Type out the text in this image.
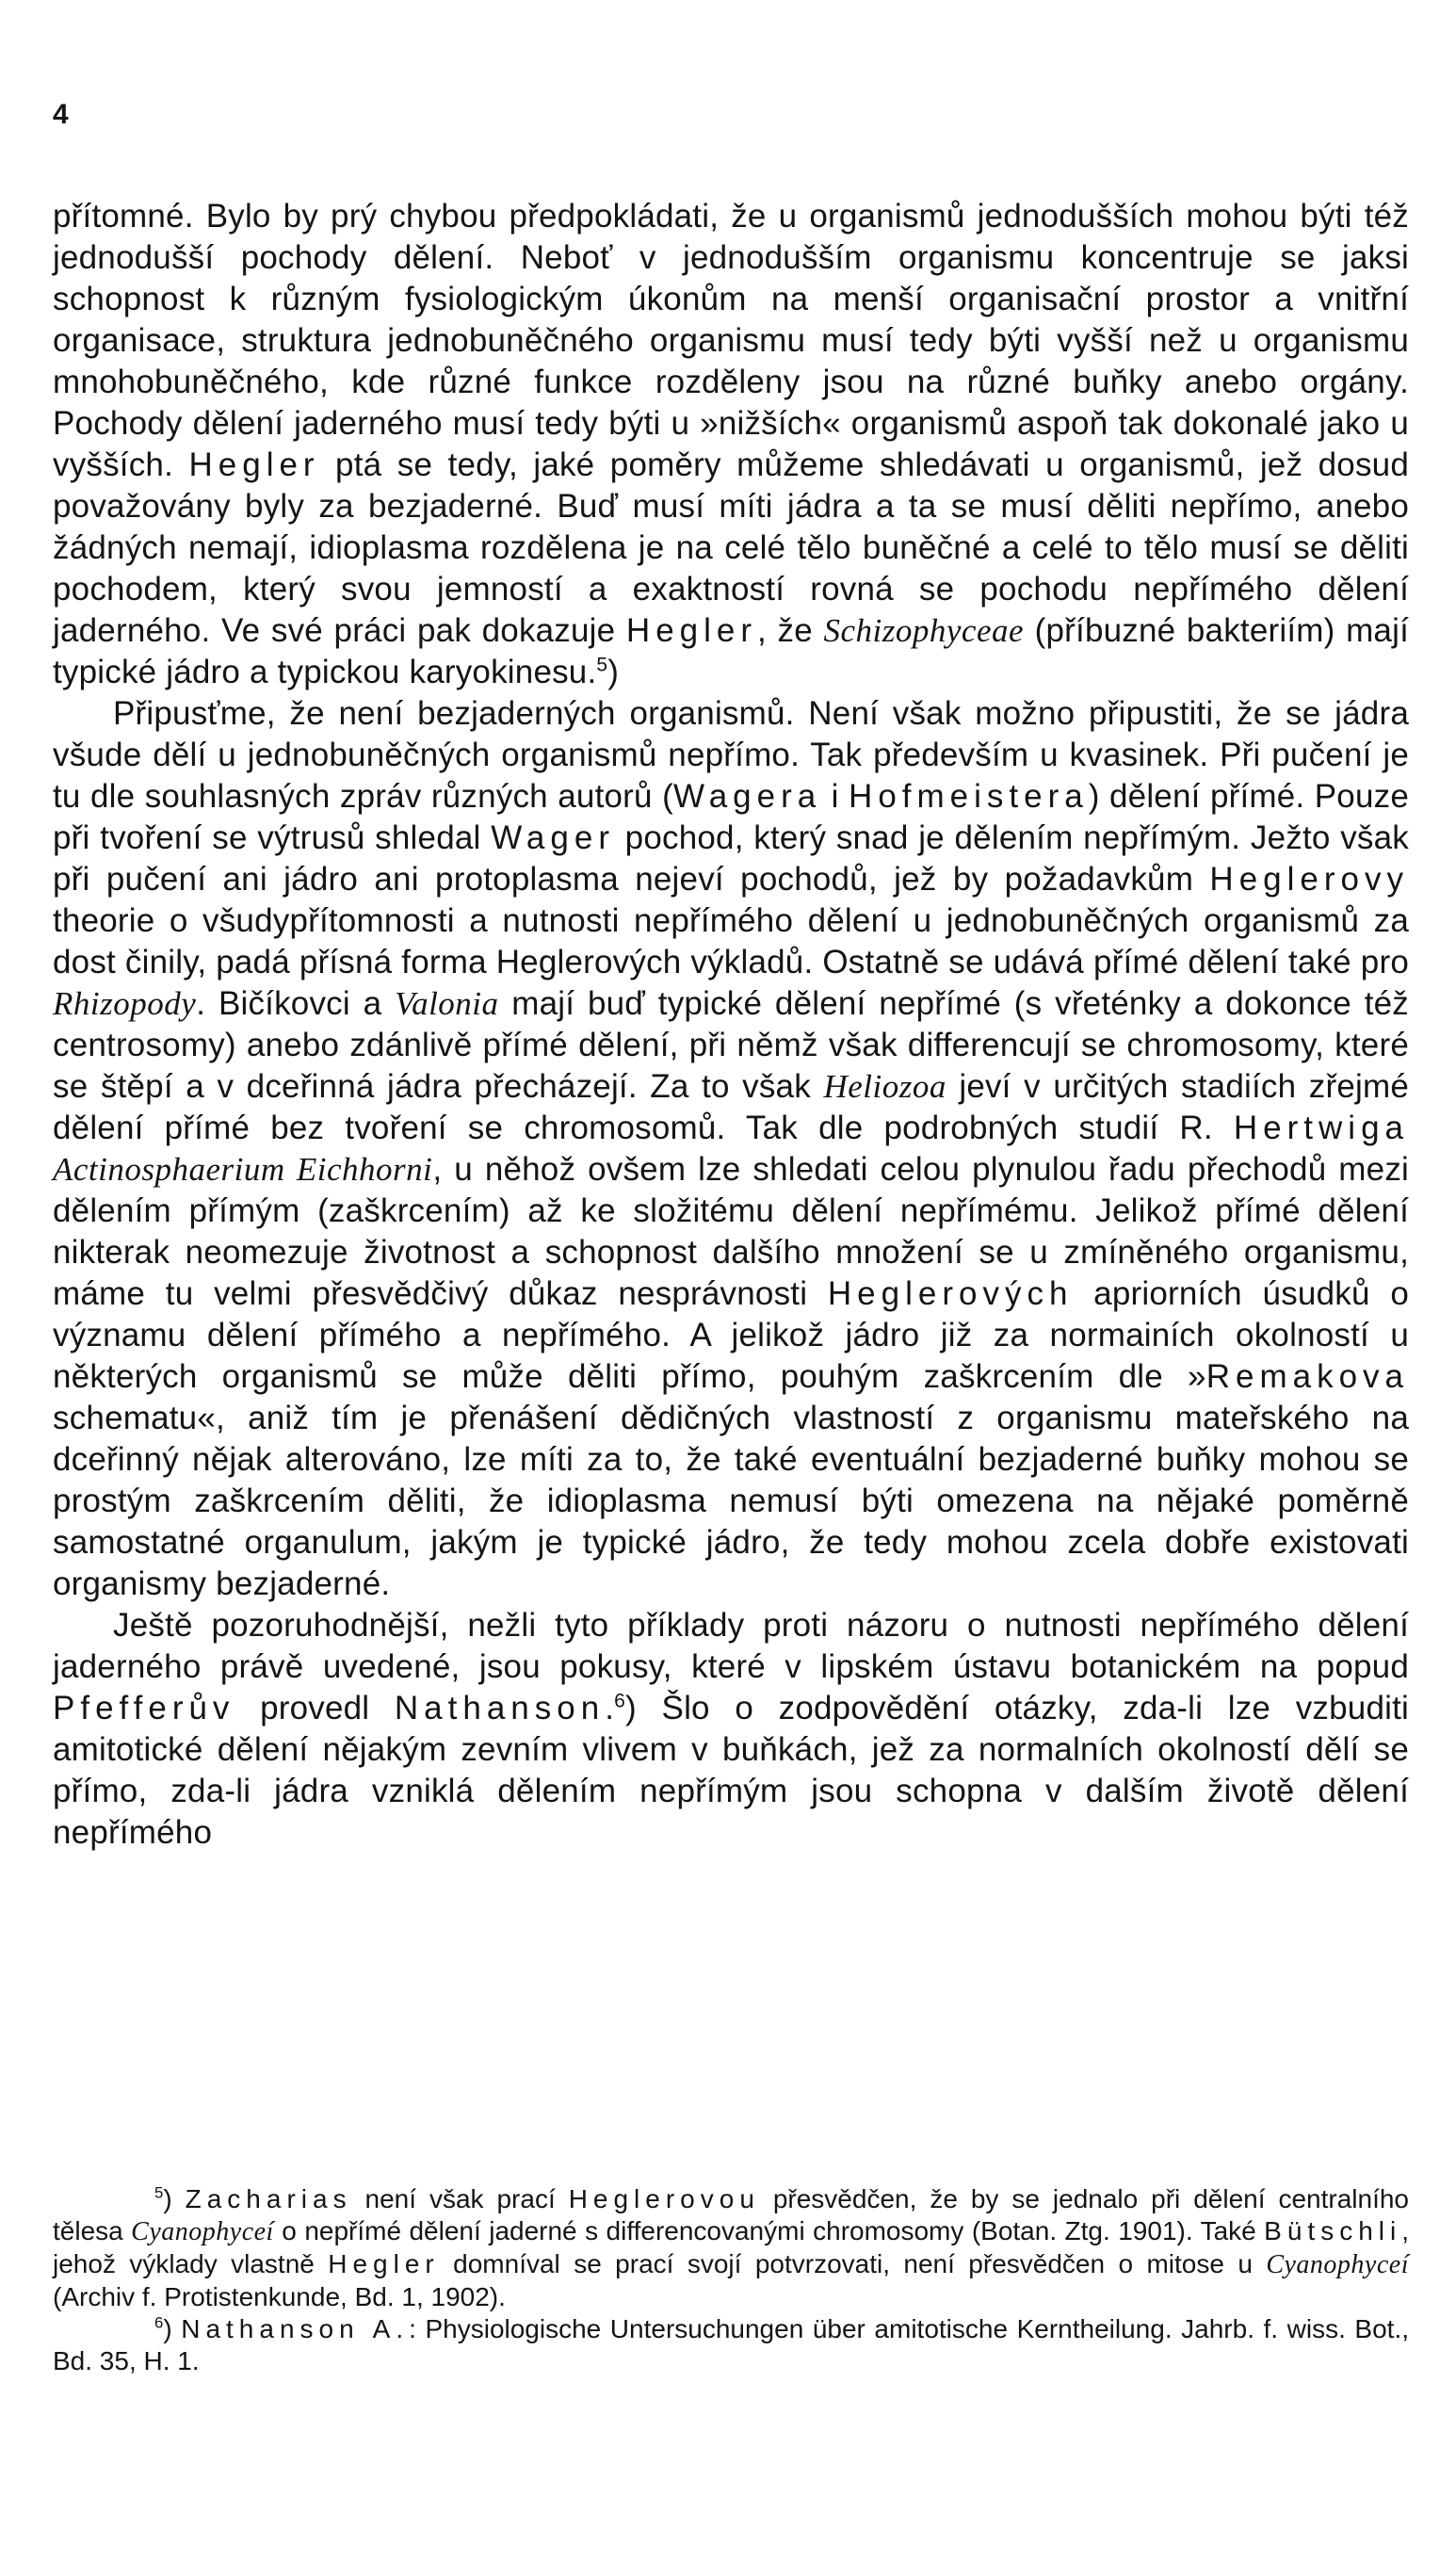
4

přítomné. Bylo by prý chybou předpokládati, že u organismů jednodušších mohou býti též jednodušší pochody dělení. Neboť v jednodušším organismu koncentruje se jaksi schopnost k různým fysiologickým úkonům na menší organisační prostor a vnitřní organisace, struktura jednobuněčného organismu musí tedy býti vyšší než u organismu mnohobuněčného, kde různé funkce rozděleny jsou na různé buňky anebo orgány. Pochody dělení jaderného musí tedy býti u »nižších« organismů aspoň tak dokonalé jako u vyšších. Hegler ptá se tedy, jaké poměry můžeme shledávati u organismů, jež dosud považovány byly za bezjaderné. Buď musí míti jádra a ta se musí děliti nepřímo, anebo žádných nemají, idioplasma rozdělena je na celé tělo buněčné a celé to tělo musí se děliti pochodem, který svou jemností a exaktností rovná se pochodu nepřímého dělení jaderného. Ve své práci pak dokazuje Hegler, že Schizophyceae (příbuzné bakteriím) mají typické jádro a typickou karyokinesu.$^5$)

Připusťme, že není bezjaderných organismů. Není však možno připustiti, že se jádra všude dělí u jednobuněčných organismů nepřímo. Tak především u kvasinek. Při pučení je tu dle souhlasných zpráv různých autorů (Wagera i Hofmeistera) dělení přímé. Pouze při tvoření se výtrusů shledal Wager pochod, který snad je dělením nepřímým. Ježto však při pučení ani jádro ani protoplasma nejeví pochodů, jež by požadavkům Heglerovy theorie o všudypřítomnosti a nutnosti nepřímého dělení u jednobuněčných organismů za dost činily, padá přísná forma Heglerových výkladů. Ostatně se udává přímé dělení také pro Rhizopody. Bičíkovci a Valonia mají buď typické dělení nepřímé (s vřeténky a dokonce též centrosomy) anebo zdánlivě přímé dělení, při němž však differencují se chromosomy, které se štěpí a v dceřinná jádra přecházejí. Za to však Heliozoa jeví v určitých stadiích zřejmé dělení přímé bez tvoření se chromosomů. Tak dle podrobných studií R. Hertwiga Actinosphaerium Eichhorni, u něhož ovšem lze shledati celou plynulou řadu přechodů mezi dělením přímým (zaškrcením) až ke složitému dělení nepřímému. Jelikož přímé dělení nikterak neomezuje životnost a schopnost dalšího množení se u zmíněného organismu, máme tu velmi přesvědčivý důkaz nesprávnosti Heglerových apriorních úsudků o významu dělení přímého a nepřímého. A jelikož jádro již za normainích okolností u některých organismů se může děliti přímo, pouhým zaškrcením dle »Remakova schematu«, aniž tím je přenášení dědičných vlastností z organismu mateřského na dceřinný nějak alterováno, lze míti za to, že také eventuální bezjaderné buňky mohou se prostým zaškrcením děliti, že idioplasma nemusí býti omezena na nějaké poměrně samostatné organulum, jakým je typické jádro, že tedy mohou zcela dobře existovati organismy bezjaderné.

Ještě pozoruhodnější, nežli tyto příklady proti názoru o nutnosti nepřímého dělení jaderného právě uvedené, jsou pokusy, které v lipském ústavu botanickém na popud Pfefferův provedl Nathanson.$^6$) Šlo o zodpovědění otázky, zda-li lze vzbuditi amitotické dělení nějakým zevním vlivem v buňkách, jež za normalních okolností dělí se přímo, zda-li jádra vzniklá dělením nepřímým jsou schopna v dalším životě dělení nepřímého

$^5$) Zacharias není však prací Heglerovou přesvědčen, že by se jednalo při dělení centralního tělesa Cyanophyceí o nepřímé dělení jaderné s differencovanými chromosomy (Botan. Ztg. 1901). Také Bütschli, jehož výklady vlastně Hegler domníval se prací svojí potvrzovati, není přesvědčen o mitose u Cyanophyceí (Archiv f. Protistenkunde, Bd. 1, 1902).

$^6$) Nathanson A.: Physiologische Untersuchungen über amitotische Kerntheilung. Jahrb. f. wiss. Bot., Bd. 35, H. 1.
